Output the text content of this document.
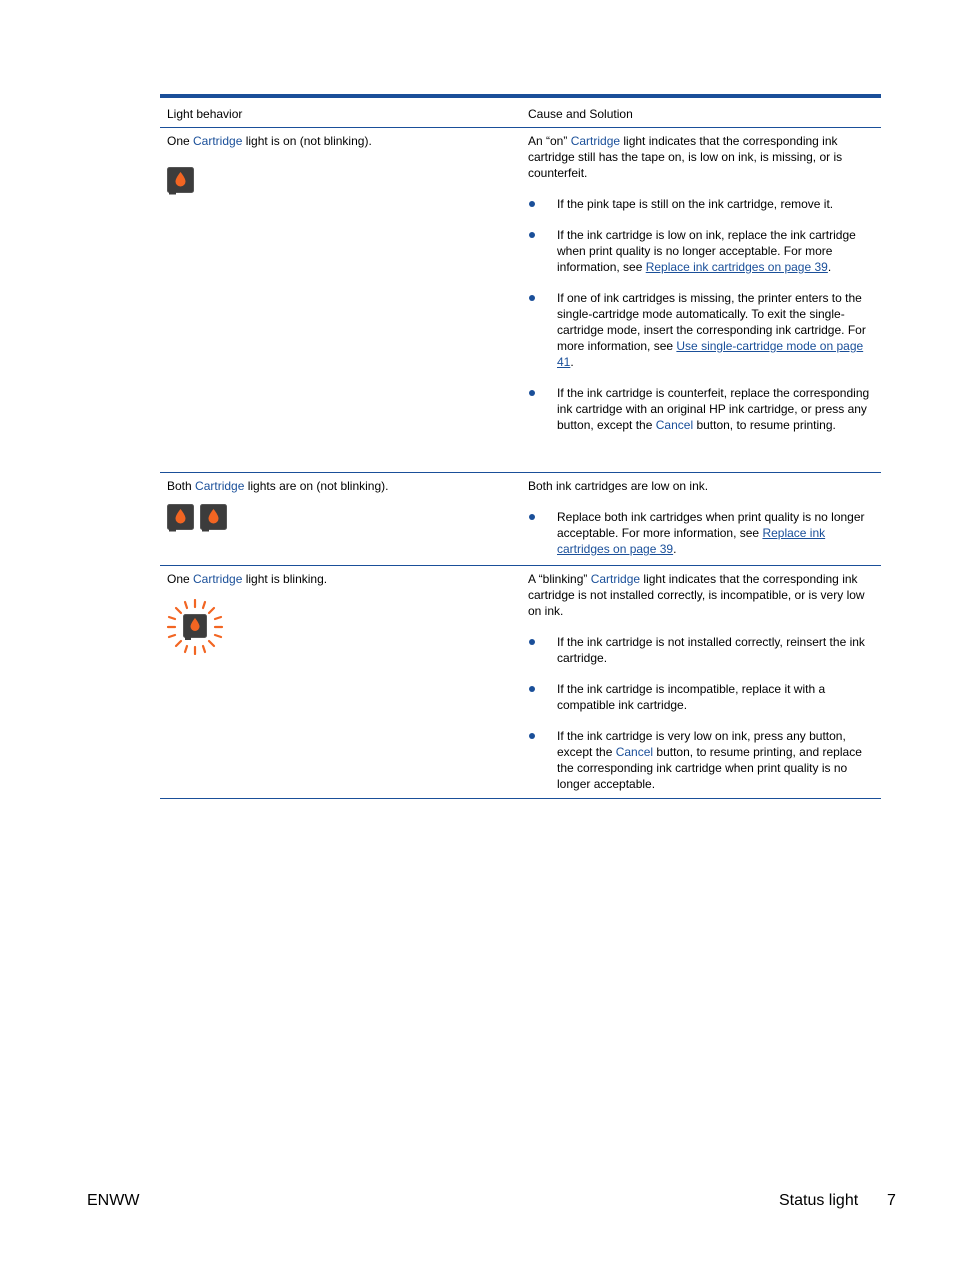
Light behavior	Cause and Solution
One Cartridge light is on (not blinking).	An “on” Cartridge light indicates that the corresponding ink cartridge still has the tape on, is low on ink, is missing, or is counterfeit.
If the pink tape is still on the ink cartridge, remove it.
If the ink cartridge is low on ink, replace the ink cartridge when print quality is no longer acceptable. For more information, see Replace ink cartridges on page 39.
If one of ink cartridges is missing, the printer enters to the single-cartridge mode automatically. To exit the single-cartridge mode, insert the corresponding ink cartridge. For more information, see Use single-cartridge mode on page 41.
If the ink cartridge is counterfeit, replace the corresponding ink cartridge with an original HP ink cartridge, or press any button, except the Cancel button, to resume printing.
Both Cartridge lights are on (not blinking).	Both ink cartridges are low on ink.
Replace both ink cartridges when print quality is no longer acceptable. For more information, see Replace ink cartridges on page 39.
One Cartridge light is blinking.	A “blinking” Cartridge light indicates that the corresponding ink cartridge is not installed correctly, is incompatible, or is very low on ink.
If the ink cartridge is not installed correctly, reinsert the ink cartridge.
If the ink cartridge is incompatible, replace it with a compatible ink cartridge.
If the ink cartridge is very low on ink, press any button, except the Cancel button, to resume printing, and replace the corresponding ink cartridge when print quality is no longer acceptable.
ENWW	Status light 7
